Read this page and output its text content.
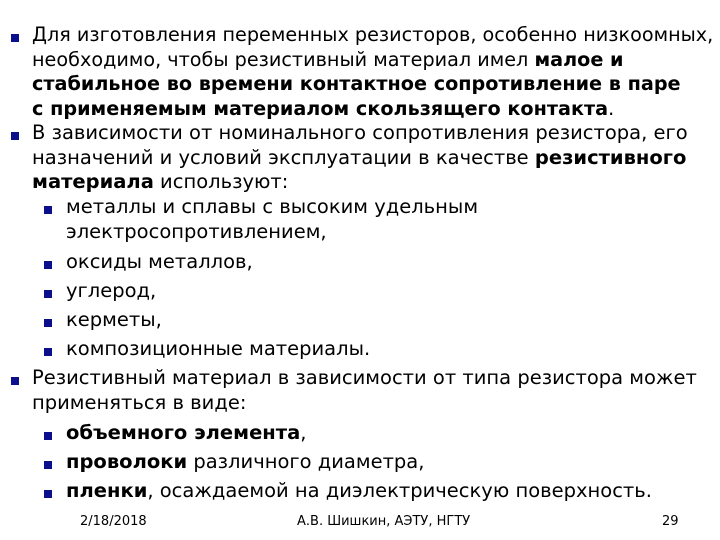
Для изготовления переменных резисторов, особенно низкоомных,
необходимо, чтобы резистивный материал имел малое и
стабильное во времени контактное сопротивление в паре
с применяемым материалом скользящего контакта.
В зависимости от номинального сопротивления резистора, его
назначений и условий эксплуатации в качестве резистивного
материала используют:
металлы и сплавы с высоким удельным
электросопротивлением,
оксиды металлов,
углерод,
керметы,
композиционные материалы.
Резистивный материал в зависимости от типа резистора может
применяться в виде:
объемного элемента,
проволоки различного диаметра,
пленки, осаждаемой на диэлектрическую поверхность.
2/18/2018	А.В. Шишкин, АЭТУ, НГТУ	29
